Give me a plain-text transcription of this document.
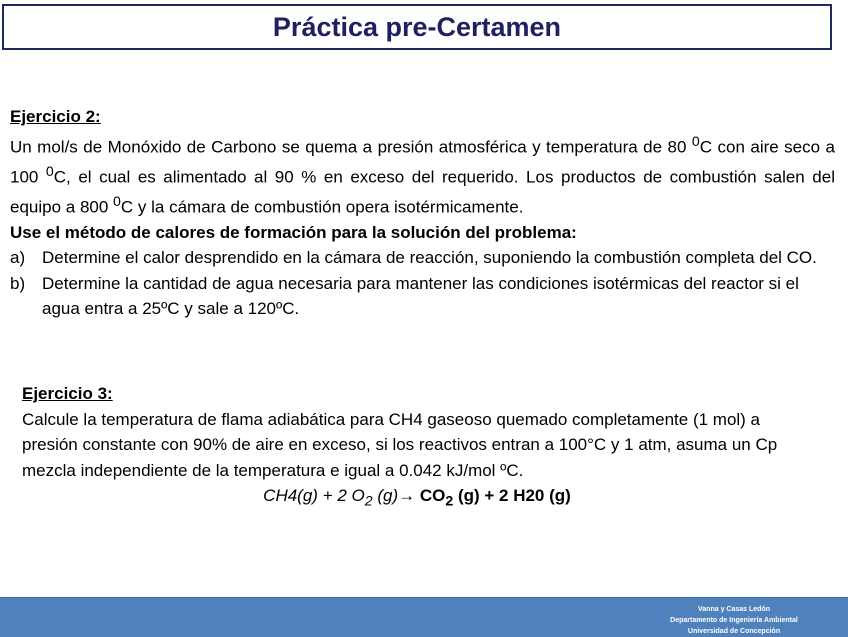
Práctica pre-Certamen
Ejercicio 2:
Un mol/s de Monóxido de Carbono se quema a presión atmosférica y temperatura de 80 $^0$C con aire seco a 100 $^0$C, el cual es alimentado al 90 % en exceso del requerido. Los productos de combustión salen del equipo a 800 $^0$C y la cámara de combustión opera isotérmicamente.
Use el método de calores de formación para la solución del problema:
a) Determine el calor desprendido en la cámara de reacción, suponiendo la combustión completa del CO.
b) Determine la cantidad de agua necesaria para mantener las condiciones isotérmicas del reactor si el agua entra a 25ºC y sale a 120ºC.
Ejercicio 3:
Calcule la temperatura de flama adiabática para CH4 gaseoso quemado completamente (1 mol) a presión constante con 90% de aire en exceso, si los reactivos entran a 100°C y 1 atm, asuma un Cp mezcla independiente de la temperatura e igual a 0.042 kJ/mol ºC.
CH4(g) + 2 $O_2$ $(g)\to CO_2$ (g) + 2 H20 (g)
Vanna y Casas Ledón
Departamento de Ingeniería Ambiental
Universidad de Concepción
